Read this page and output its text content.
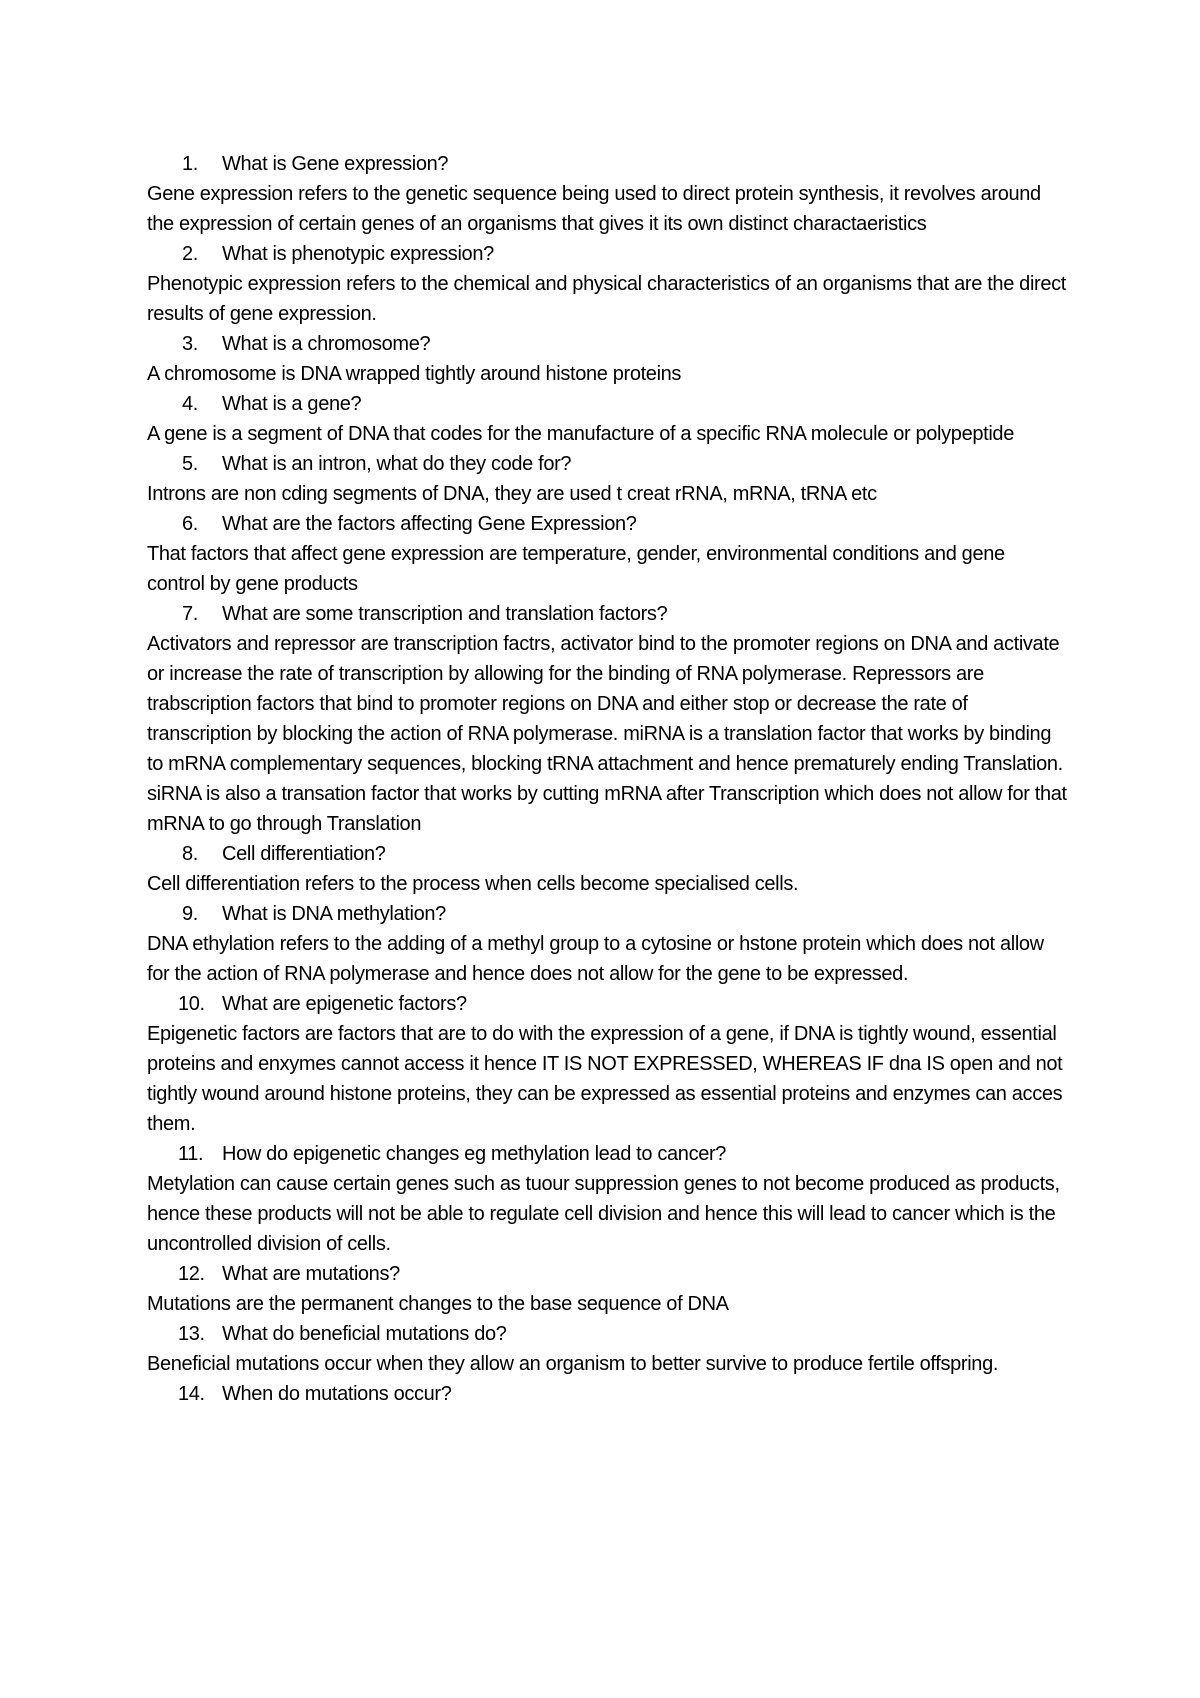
1.	What is Gene expression?
Gene expression refers to the genetic sequence being used to direct protein synthesis, it revolves around the expression of certain genes of an organisms that gives it its own distinct charactaeristics
2.	What is phenotypic expression?
Phenotypic expression refers to the chemical and physical characteristics of an organisms that are the direct results of gene expression.
3.	What is a chromosome?
A chromosome is DNA wrapped tightly around histone proteins
4.	What is a gene?
A gene is a segment of DNA that codes for the manufacture of a specific RNA molecule or polypeptide
5.	What is an intron, what do they code for?
Introns are non cding segments of DNA, they are used t creat rRNA, mRNA, tRNA etc
6.	What are the factors affecting Gene Expression?
That factors that affect gene expression are temperature, gender, environmental conditions and gene control by gene products
7.	What are some transcription and translation factors?
Activators and repressor are transcription factrs, activator bind to the promoter regions on DNA and activate or increase the rate of transcription by allowing for the binding of RNA polymerase. Repressors are trabscription factors that bind to promoter regions on DNA and either stop or decrease the rate of transcription by blocking the action of RNA polymerase. miRNA is a translation factor that works by binding to mRNA complementary sequences, blocking tRNA attachment and hence prematurely ending Translation. siRNA is also a transation factor that works by cutting mRNA after Transcription which does not allow for that mRNA to go through Translation
8.	Cell differentiation?
Cell differentiation refers to the process when cells become specialised cells.
9.	What is DNA methylation?
DNA ethylation refers to the adding of a methyl group to a cytosine or hstone protein which does not allow for the action of RNA polymerase and hence does not allow for the gene to be expressed.
10. What are epigenetic factors?
Epigenetic factors are factors that are to do with the expression of a gene, if DNA is tightly wound, essential proteins and enxymes cannot access it hence IT IS NOT EXPRESSED, WHEREAS IF dna IS open and not tightly wound around histone proteins, they can be expressed as essential proteins and enzymes can acces them.
11. How do epigenetic changes eg methylation lead to cancer?
Metylation can cause certain genes such as tuour suppression genes to not become produced as products, hence these products will not be able to regulate cell division and hence this will lead to cancer which is the uncontrolled division of cells.
12. What are mutations?
Mutations are the permanent changes to the base sequence of DNA
13. What do beneficial mutations do?
Beneficial mutations occur when they allow an organism to better survive to produce fertile offspring.
14. When do mutations occur?
